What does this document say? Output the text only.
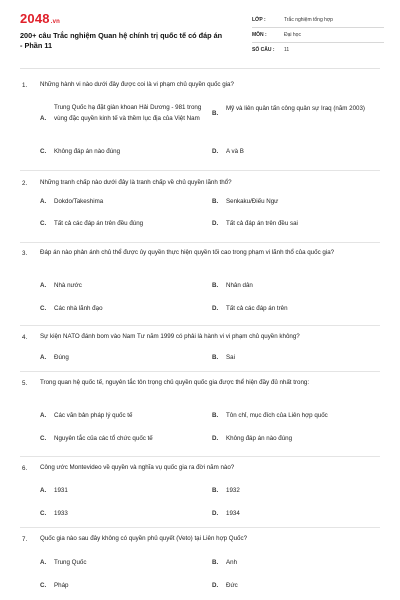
2048.vn
200+ câu Trắc nghiệm Quan hệ chính trị quốc tế có đáp án - Phần 11
LỚP :	Trắc nghiệm tổng hợp
MÔN :	Đại học
SỐ CÂU :	11
1. Những hành vi nào dưới đây được coi là vi phạm chủ quyền quốc gia?
A.
Trung Quốc hạ đặt giàn khoan Hải Dương - 981 trong vùng đặc quyền kinh tế và thềm lục địa của Việt Nam
B.
Mỹ và liên quân tấn công quân sự Iraq (năm 2003)
C. Không đáp án nào đúng	D. A và B
2. Những tranh chấp nào dưới đây là tranh chấp về chủ quyền lãnh thổ?
A. Dokdo/Takeshima	B. Senkaku/Điếu Ngư
C. Tất cả các đáp án trên đều đúng	D. Tất cả đáp án trên đều sai
3. Đáp án nào phản ánh chủ thể được ủy quyền thực hiện quyền tối cao trong phạm vi lãnh thổ của quốc gia?
A. Nhà nước	B. Nhân dân
C. Các nhà lãnh đạo	D. Tất cả các đáp án trên
4. Sự kiện NATO đánh bom vào Nam Tư năm 1999 có phải là hành vi vi phạm chủ quyền không?
A. Đúng	B. Sai
5. Trong quan hệ quốc tế, nguyên tắc tôn trọng chủ quyền quốc gia được thể hiện đầy đủ nhất trong:
A. Các văn bản pháp lý quốc tế	B. Tôn chỉ, mục đích của Liên hợp quốc
C. Nguyên tắc của các tổ chức quốc tế	D. Không đáp án nào đúng
6. Công ước Montevideo về quyền và nghĩa vụ quốc gia ra đời năm nào?
A. 1931	B. 1932
C. 1933	D. 1934
7. Quốc gia nào sau đây không có quyền phủ quyết (Veto) tại Liên hợp Quốc?
A. Trung Quốc	B. Anh
C. Pháp	D. Đức
